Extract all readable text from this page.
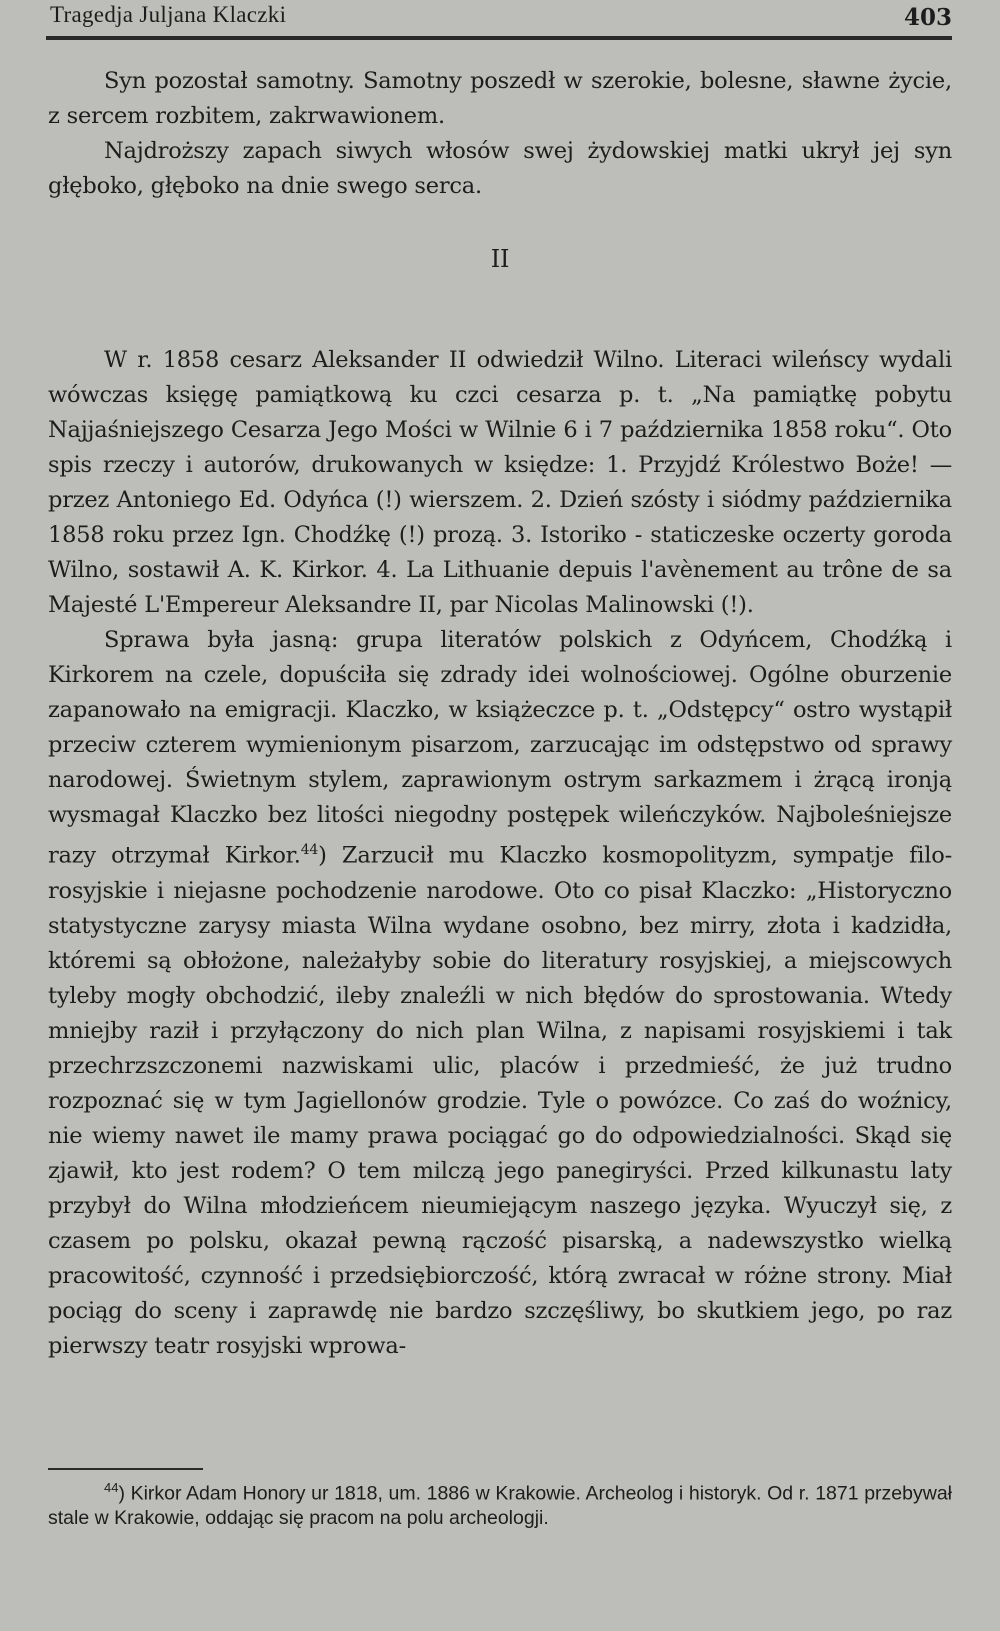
Tragedja Juljana Klaczki	403

Syn pozostał samotny. Samotny poszedł w szerokie, bolesne, sławne życie, z sercem rozbitem, zakrwawionem.

Najdroższy zapach siwych włosów swej żydowskiej matki ukrył jej syn głęboko, głęboko na dnie swego serca.

II

W r. 1858 cesarz Aleksander II odwiedził Wilno. Literaci wileńscy wydali wówczas księgę pamiątkową ku czci cesarza p. t. „Na pamiątkę pobytu Najjaśniejszego Cesarza Jego Mości w Wilnie 6 i 7 października 1858 roku“. Oto spis rzeczy i autorów, drukowanych w księdze: 1. Przyjdź Królestwo Boże! — przez Antoniego Ed. Odyńca (!) wierszem. 2. Dzień szósty i siódmy października 1858 roku przez Ign. Chodźkę (!) prozą. 3. Istoriko - staticzeske oczerty goroda Wilno, sostawił A. K. Kirkor. 4. La Lithuanie depuis l'avènement au trône de sa Majesté L'Empereur Aleksandre II, par Nicolas Malinowski (!).

Sprawa była jasną: grupa literatów polskich z Odyńcem, Chodźką i Kirkorem na czele, dopuściła się zdrady idei wolnościowej. Ogólne oburzenie zapanowało na emigracji. Klaczko, w książeczce p. t. „Odstępcy“ ostro wystąpił przeciw czterem wymienionym pisarzom, zarzucając im odstępstwo od sprawy narodowej. Świetnym stylem, zaprawionym ostrym sarkazmem i żrącą ironją wysmagał Klaczko bez litości niegodny postępek wileńczyków. Najboleśniejsze razy otrzymał Kirkor.$^{44}$) Zarzucił mu Klaczko kosmopolityzm, sympatje filo-rosyjskie i niejasne pochodzenie narodowe. Oto co pisał Klaczko: „Historyczno statystyczne zarysy miasta Wilna wydane osobno, bez mirry, złota i kadzidła, któremi są obłożone, należałyby sobie do literatury rosyjskiej, a miejscowych tyleby mogły obchodzić, ileby znaleźli w nich błędów do sprostowania. Wtedy mniejby raził i przyłączony do nich plan Wilna, z napisami rosyjskiemi i tak przechrzszczonemi nazwiskami ulic, placów i przedmieść, że już trudno rozpoznać się w tym Jagiellonów grodzie. Tyle o powózce. Co zaś do woźnicy, nie wiemy nawet ile mamy prawa pociągać go do odpowiedzialności. Skąd się zjawił, kto jest rodem? O tem milczą jego panegiryści. Przed kilkunastu laty przybył do Wilna młodzieńcem nieumiejącym naszego języka. Wyuczył się, z czasem po polsku, okazał pewną rączość pisarską, a nadewszystko wielką pracowitość, czynność i przedsiębiorczość, którą zwracał w różne strony. Miał pociąg do sceny i zaprawdę nie bardzo szczęśliwy, bo skutkiem jego, po raz pierwszy teatr rosyjski wprowa-

$^{44}$) Kirkor Adam Honory ur 1818, um. 1886 w Krakowie. Archeolog i historyk. Od r. 1871 przebywał stale w Krakowie, oddając się pracom na polu archeologji.
